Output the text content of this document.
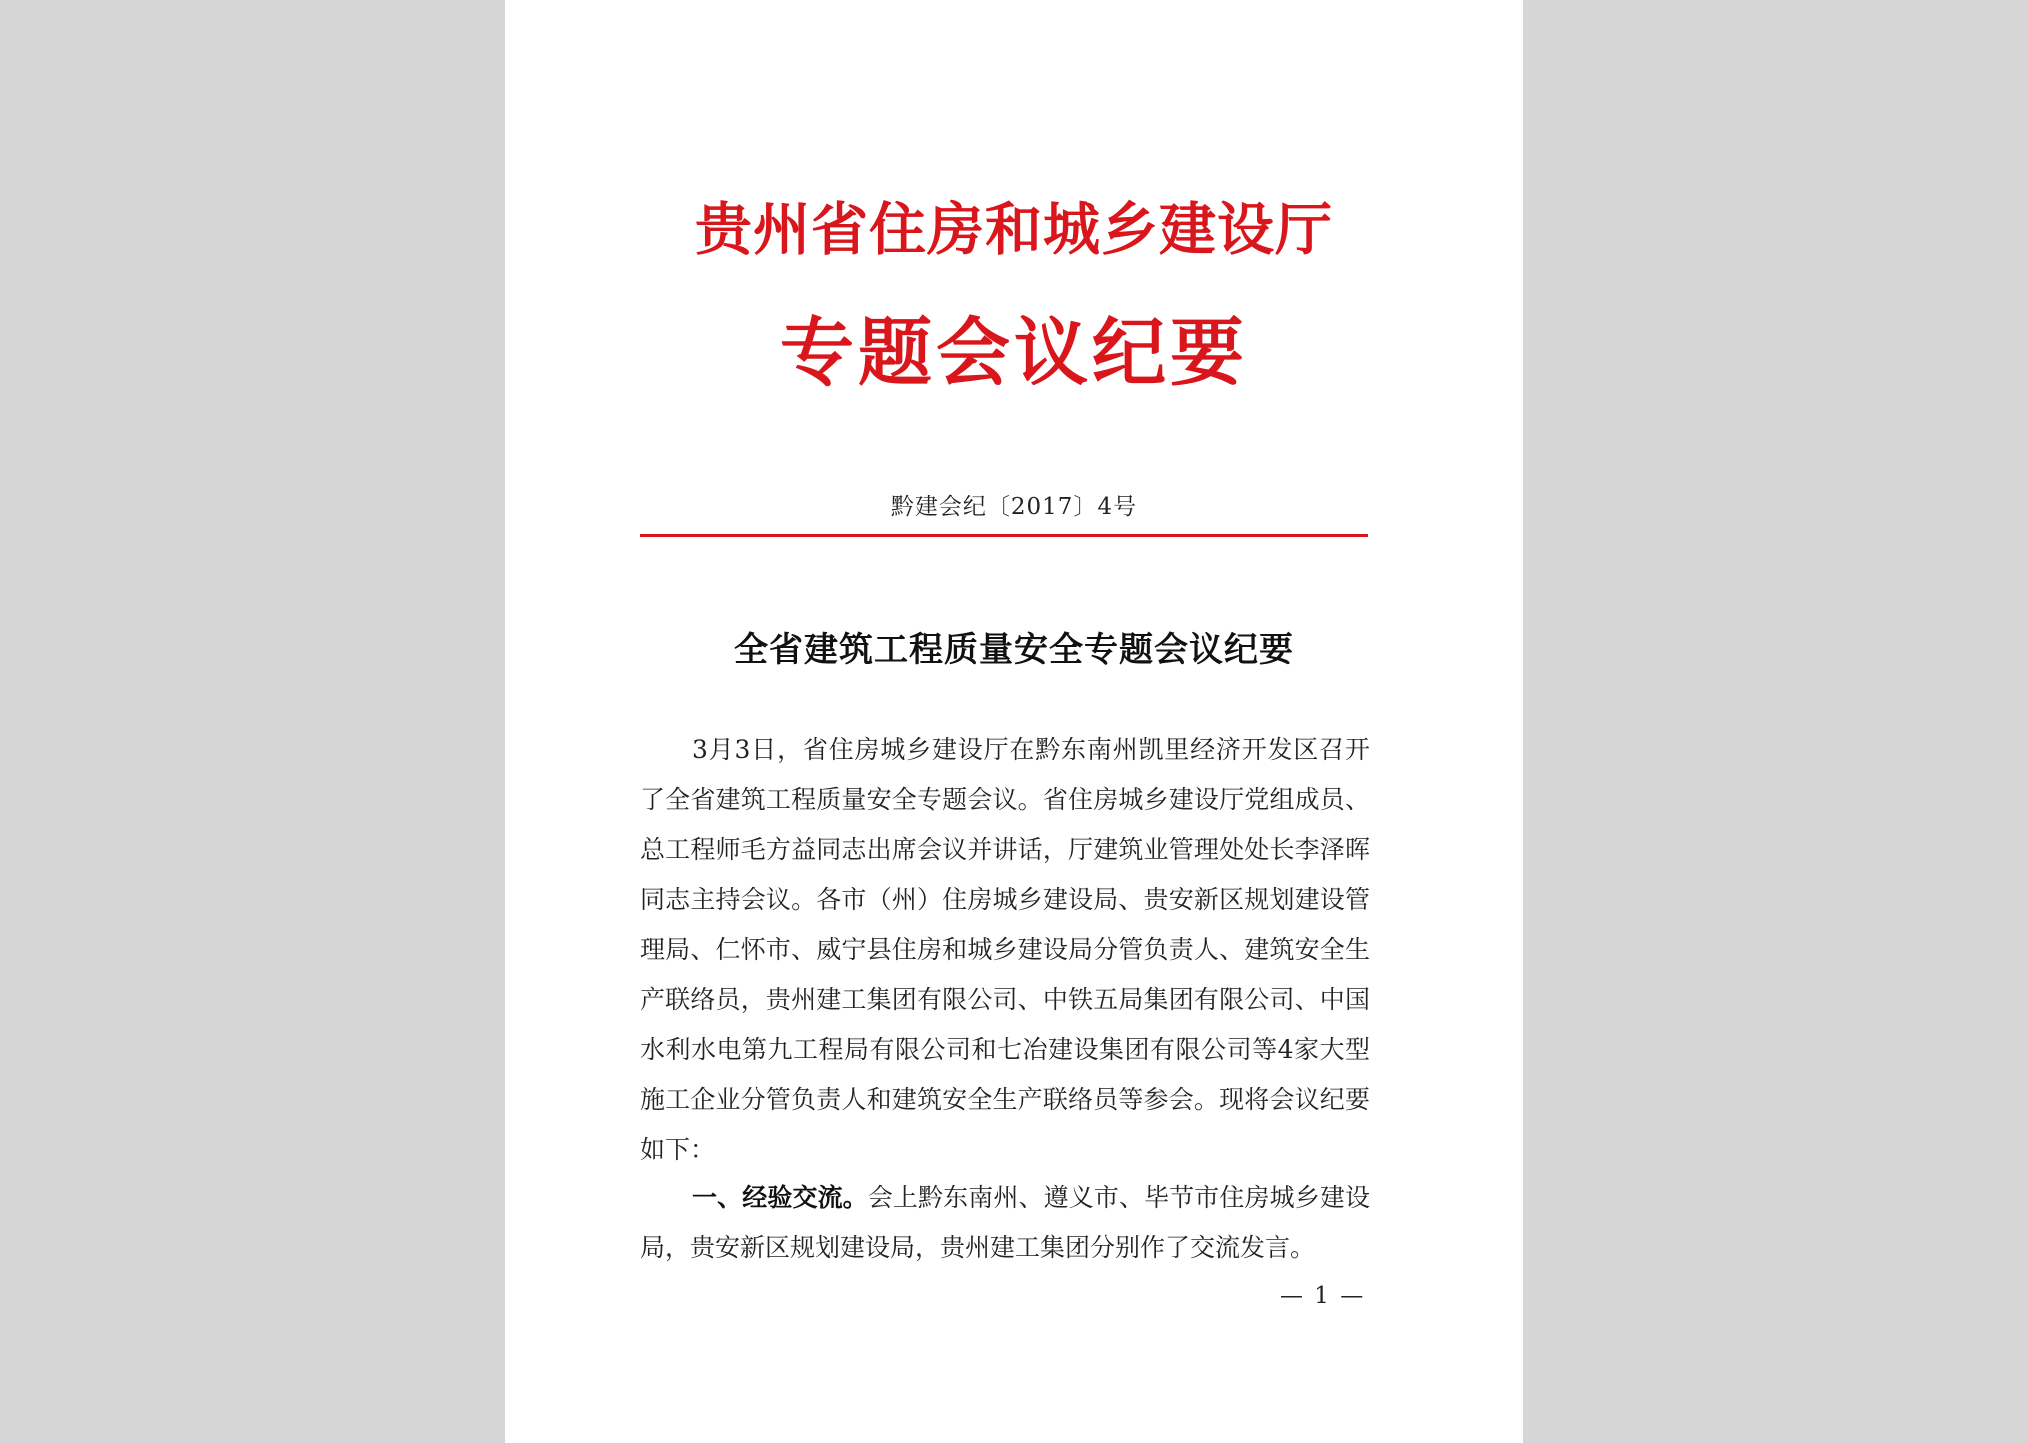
贵州省住房和城乡建设厅
专题会议纪要
黔建会纪〔2017〕4号
全省建筑工程质量安全专题会议纪要

3月3日，省住房城乡建设厅在黔东南州凯里经济开发区召开了全省建筑工程质量安全专题会议。省住房城乡建设厅党组成员、总工程师毛方益同志出席会议并讲话，厅建筑业管理处处长李泽晖同志主持会议。各市（州）住房城乡建设局、贵安新区规划建设管理局、仁怀市、威宁县住房和城乡建设局分管负责人、建筑安全生产联络员，贵州建工集团有限公司、中铁五局集团有限公司、中国水利水电第九工程局有限公司和七冶建设集团有限公司等4家大型施工企业分管负责人和建筑安全生产联络员等参会。现将会议纪要如下：

一、经验交流。会上黔东南州、遵义市、毕节市住房城乡建设局，贵安新区规划建设局，贵州建工集团分别作了交流发言。

— 1 —
